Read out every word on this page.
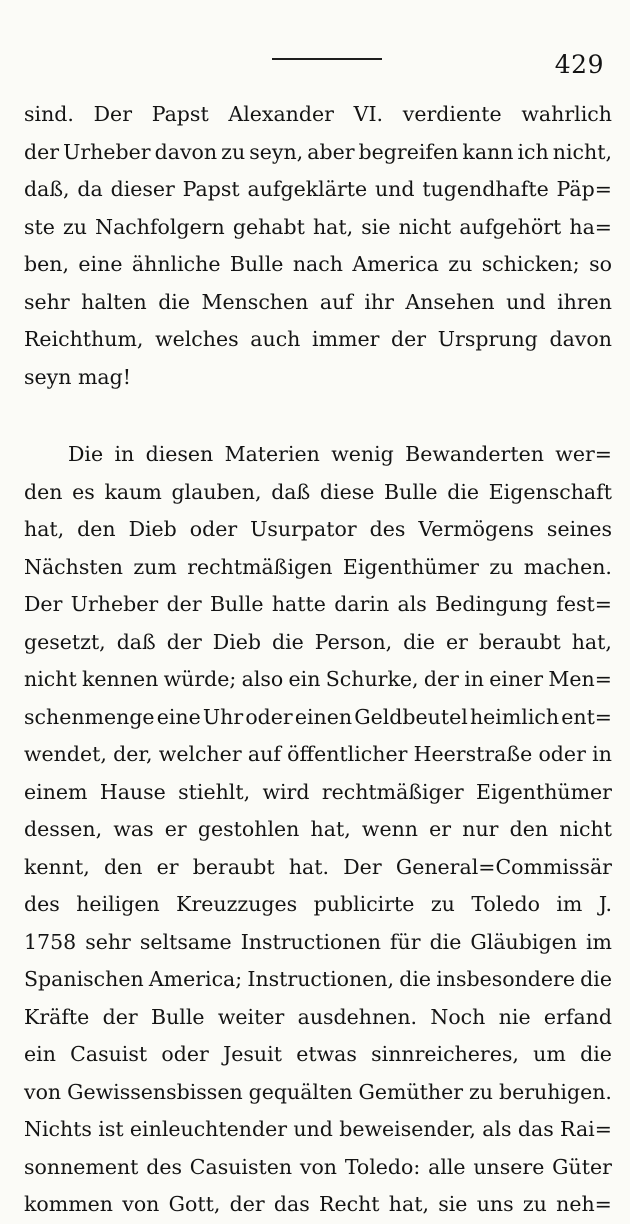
429
sind. Der Papst Alexander VI. verdiente wahrlich
der Urheber davon zu seyn, aber begreifen kann ich nicht,
daß, da dieser Papst aufgeklärte und tugendhafte Päp=
ste zu Nachfolgern gehabt hat, sie nicht aufgehört ha=
ben, eine ähnliche Bulle nach America zu schicken; so
sehr halten die Menschen auf ihr Ansehen und ihren
Reichthum, welches auch immer der Ursprung davon
seyn mag!
Die in diesen Materien wenig Bewanderten wer=
den es kaum glauben, daß diese Bulle die Eigenschaft
hat, den Dieb oder Usurpator des Vermögens seines
Nächsten zum rechtmäßigen Eigenthümer zu machen.
Der Urheber der Bulle hatte darin als Bedingung fest=
gesetzt, daß der Dieb die Person, die er beraubt hat,
nicht kennen würde; also ein Schurke, der in einer Men=
schenmenge eine Uhr oder einen Geldbeutel heimlich ent=
wendet, der, welcher auf öffentlicher Heerstraße oder in
einem Hause stiehlt, wird rechtmäßiger Eigenthümer
dessen, was er gestohlen hat, wenn er nur den nicht
kennt, den er beraubt hat. Der General=Commissär
des heiligen Kreuzzuges publicirte zu Toledo im J.
1758 sehr seltsame Instructionen für die Gläubigen im
Spanischen America; Instructionen, die insbesondere die
Kräfte der Bulle weiter ausdehnen. Noch nie erfand
ein Casuist oder Jesuit etwas sinnreicheres, um die
von Gewissensbissen gequälten Gemüther zu beruhigen.
Nichts ist einleuchtender und beweisender, als das Rai=
sonnement des Casuisten von Toledo: alle unsere Güter
kommen von Gott, der das Recht hat, sie uns zu neh=
